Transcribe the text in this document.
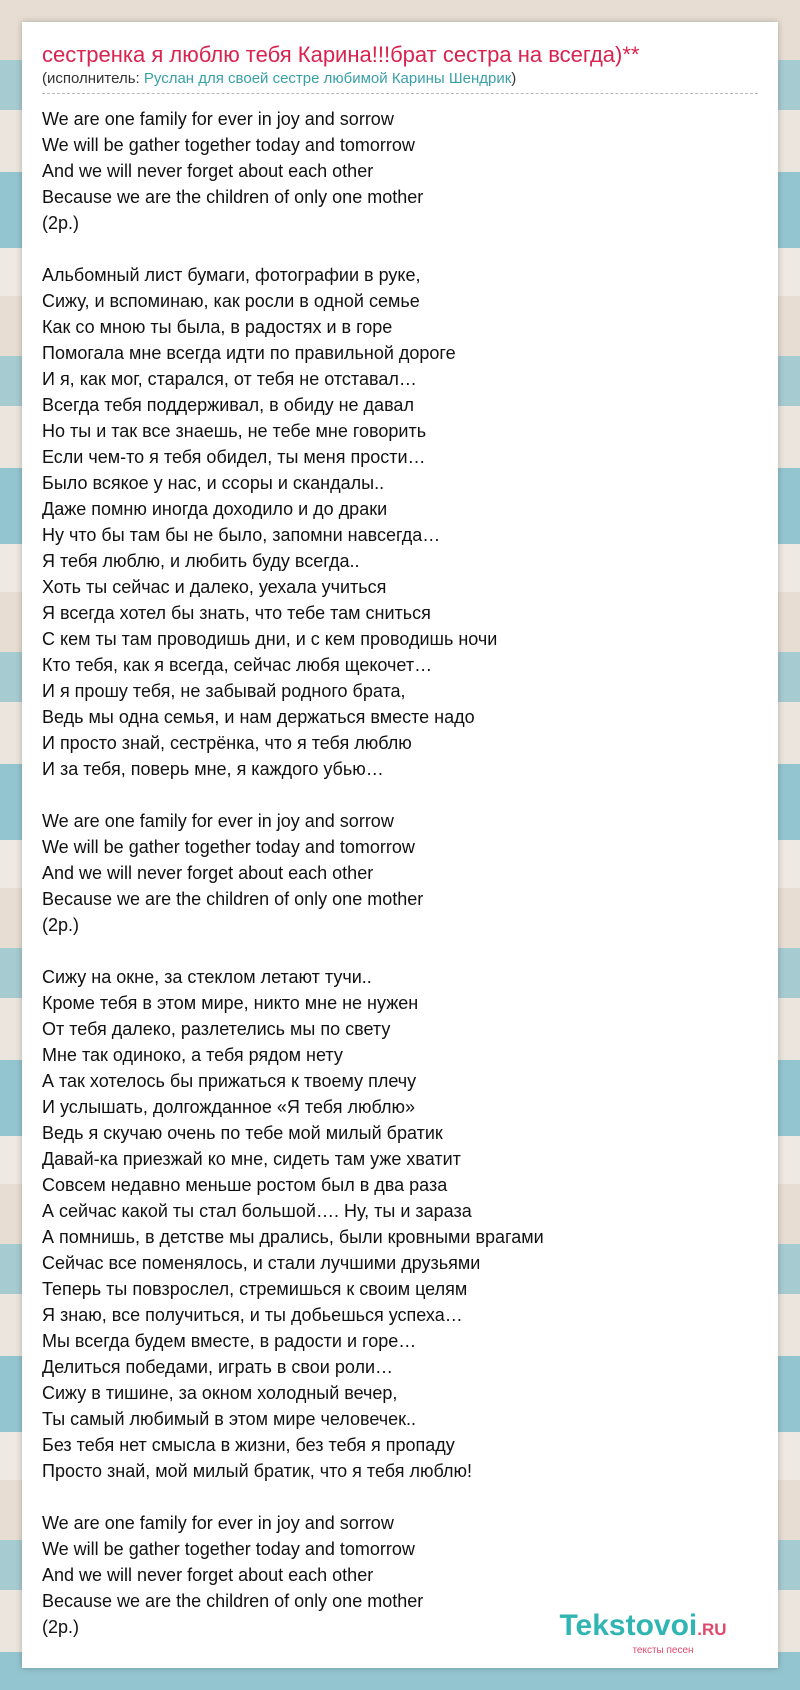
сестренка я люблю тебя Карина!!!брат сестра на всегда)**
(исполнитель: Руслан для своей сестре любимой Карины Шендрик)
We are one family for ever in joy and sorrow
We will be gather together today and tomorrow
And we will never forget about each other
Because we are the children of only one mother
(2р.)
Альбомный лист бумаги, фотографии в руке,
Сижу, и вспоминаю, как росли в одной семье
Как со мною ты была, в радостях и в горе
Помогала мне всегда идти по правильной дороге
И я, как мог, старался, от тебя не отставал…
Всегда тебя поддерживал, в обиду не давал
Но ты и так все знаешь, не тебе мне говорить
Если чем-то я тебя обидел, ты меня прости…
Было всякое у нас, и ссоры и скандалы..
Даже помню иногда доходило и до драки
Ну что бы там бы не было, запомни навсегда…
Я тебя люблю, и любить буду всегда..
Хоть ты сейчас и далеко, уехала учиться
Я всегда хотел бы знать, что тебе там сниться
С кем ты там проводишь дни, и с кем проводишь ночи
Кто тебя, как я всегда, сейчас любя щекочет…
И я прошу тебя, не забывай родного брата,
Ведь мы одна семья, и нам держаться вместе надо
И просто знай, сестрёнка, что я тебя люблю
И за тебя, поверь мне, я каждого убью…
We are one family for ever in joy and sorrow
We will be gather together today and tomorrow
And we will never forget about each other
Because we are the children of only one mother
(2р.)
Сижу на окне, за стеклом летают тучи..
Кроме тебя в этом мире, никто мне не нужен
От тебя далеко, разлетелись мы по свету
Мне так одиноко, а тебя рядом нету
А так хотелось бы прижаться к твоему плечу
И услышать, долгожданное «Я тебя люблю»
Ведь я скучаю очень по тебе мой милый братик
Давай-ка приезжай ко мне, сидеть там уже хватит
Совсем недавно меньше ростом был в два раза
А сейчас какой ты стал большой…. Ну, ты и зараза
А помнишь, в детстве мы дрались, были кровными врагами
Сейчас все поменялось, и стали лучшими друзьями
Теперь ты повзрослел, стремишься к своим целям
Я знаю, все получиться, и ты добьешься успеха…
Мы всегда будем вместе, в радости и горе…
Делиться победами, играть в свои роли…
Сижу в тишине, за окном холодный вечер,
Ты самый любимый в этом мире человечек..
Без тебя нет смысла в жизни, без тебя я пропаду
Просто знай, мой милый братик, что я тебя люблю!
We are one family for ever in joy and sorrow
We will be gather together today and tomorrow
And we will never forget about each other
Because we are the children of only one mother
(2р.)	Tekstovoi.RU
тексты песен
